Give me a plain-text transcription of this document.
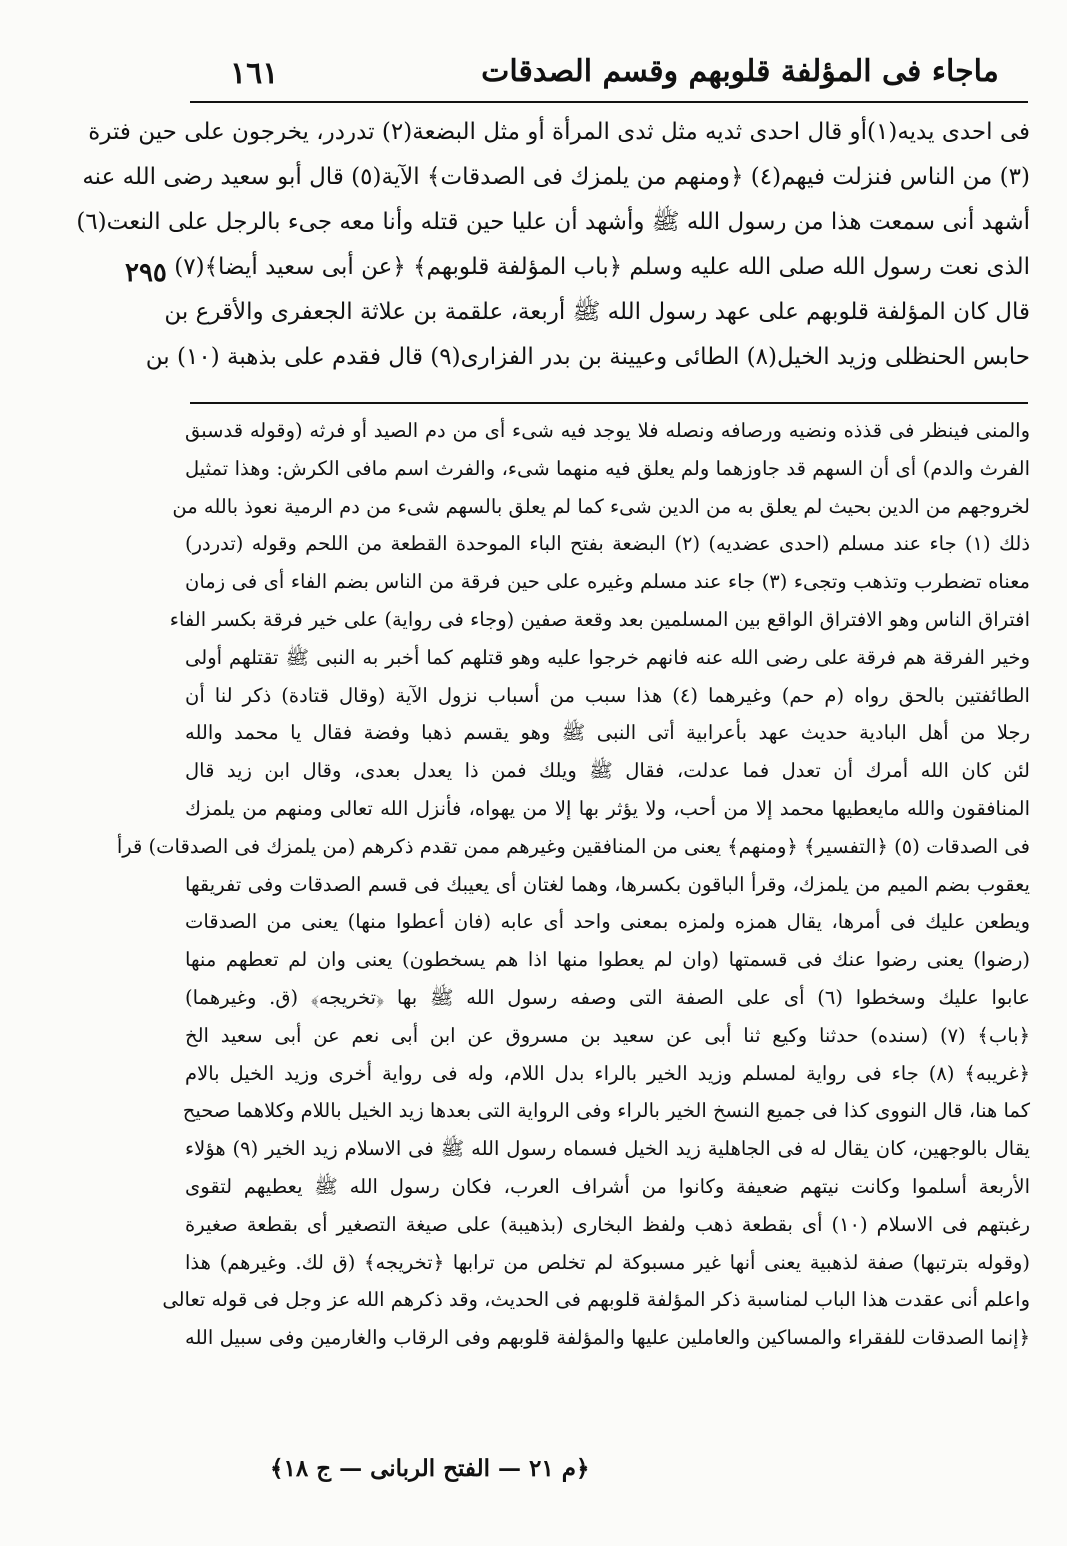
١٦١	ماجاء فى المؤلفة قلوبهم وقسم الصدقات
٢٩٥
فى احدى يديه(١)أو قال احدى ثديه مثل ثدى المرأة أو مثل البضعة(٢) تدردر، يخرجون على حين فترة
(٣) من الناس فنزلت فيهم(٤) ﴿ومنهم من يلمزك فى الصدقات﴾ الآية(٥) قال أبو سعيد رضى الله عنه
أشهد أنى سمعت هذا من رسول الله ﷺ وأشهد أن عليا حين قتله وأنا معه جىء بالرجل على النعت(٦)
الذى نعت رسول الله صلى الله عليه وسلم ﴿باب المؤلفة قلوبهم﴾ ﴿عن أبى سعيد أيضا﴾(٧)
قال كان المؤلفة قلوبهم على عهد رسول الله ﷺ أربعة، علقمة بن علاثة الجعفرى والأقرع بن
حابس الحنظلى وزيد الخيل(٨) الطائى وعيينة بن بدر الفزارى(٩) قال فقدم على بذهبة (١٠) بن
والمنى فينظر فى قذذه ونضيه ورصافه ونصله فلا يوجد فيه شىء أى من دم الصيد أو فرثه (وقوله قدسبق
الفرث والدم) أى أن السهم قد جاوزهما ولم يعلق فيه منهما شىء، والفرث اسم مافى الكرش: وهذا تمثيل
لخروجهم من الدين بحيث لم يعلق به من الدين شىء كما لم يعلق بالسهم شىء من دم الرمية نعوذ بالله من
ذلك (١) جاء عند مسلم (احدى عضديه) (٢) البضعة بفتح الباء الموحدة القطعة من اللحم وقوله (تدردر)
معناه تضطرب وتذهب وتجىء (٣) جاء عند مسلم وغيره على حين فرقة من الناس بضم الفاء أى فى زمان
افتراق الناس وهو الافتراق الواقع بين المسلمين بعد وقعة صفين (وجاء فى رواية) على خير فرقة بكسر الفاء
وخير الفرقة هم فرقة على رضى الله عنه فانهم خرجوا عليه وهو قتلهم كما أخبر به النبى ﷺ تقتلهم أولى
الطائفتين بالحق رواه (م حم) وغيرهما (٤) هذا سبب من أسباب نزول الآية (وقال قتادة) ذكر لنا أن
رجلا من أهل البادية حديث عهد بأعرابية أتى النبى ﷺ وهو يقسم ذهبا وفضة فقال يا محمد والله
لئن كان الله أمرك أن تعدل فما عدلت، فقال ﷺ ويلك فمن ذا يعدل بعدى، وقال ابن زيد قال
المنافقون والله مايعطيها محمد إلا من أحب، ولا يؤثر بها إلا من يهواه، فأنزل الله تعالى ومنهم من يلمزك
فى الصدقات (٥) ﴿التفسير﴾ ﴿ومنهم﴾ يعنى من المنافقين وغيرهم ممن تقدم ذكرهم (من يلمزك فى الصدقات) قرأ
يعقوب بضم الميم من يلمزك، وقرأ الباقون بكسرها، وهما لغتان أى يعيبك فى قسم الصدقات وفى تفريقها
ويطعن عليك فى أمرها، يقال همزه ولمزه بمعنى واحد أى عابه (فان أعطوا منها) يعنى من الصدقات
(رضوا) يعنى رضوا عنك فى قسمتها (وان لم يعطوا منها اذا هم يسخطون) يعنى وان لم تعطهم منها
عابوا عليك وسخطوا (٦) أى على الصفة التى وصفه رسول الله ﷺ بها ﴿تخريجه﴾ (ق. وغيرهما)
﴿باب﴾ (٧) (سنده) حدثنا وكيع ثنا أبى عن سعيد بن مسروق عن ابن أبى نعم عن أبى سعيد الخ
﴿غريبه﴾ (٨) جاء فى رواية لمسلم وزيد الخير بالراء بدل اللام، وله فى رواية أخرى وزيد الخيل بالام
كما هنا، قال النووى كذا فى جميع النسخ الخير بالراء وفى الرواية التى بعدها زيد الخيل باللام وكلاهما صحيح
يقال بالوجهين، كان يقال له فى الجاهلية زيد الخيل فسماه رسول الله ﷺ فى الاسلام زيد الخير (٩) هؤلاء
الأربعة أسلموا وكانت نيتهم ضعيفة وكانوا من أشراف العرب، فكان رسول الله ﷺ يعطيهم لتقوى
رغبتهم فى الاسلام (١٠) أى بقطعة ذهب ولفظ البخارى (بذهيبة) على صيغة التصغير أى بقطعة صغيرة
(وقوله بترتبها) صفة لذهبية يعنى أنها غير مسبوكة لم تخلص من ترابها ﴿تخريجه﴾ (ق لك. وغيرهم) هذا
واعلم أنى عقدت هذا الباب لمناسبة ذكر المؤلفة قلوبهم فى الحديث، وقد ذكرهم الله عز وجل فى قوله تعالى
﴿إنما الصدقات للفقراء والمساكين والعاملين عليها والمؤلفة قلوبهم وفى الرقاب والغارمين وفى سبيل الله
﴿م ٢١ — الفتح الربانى — ج ١٨﴾
